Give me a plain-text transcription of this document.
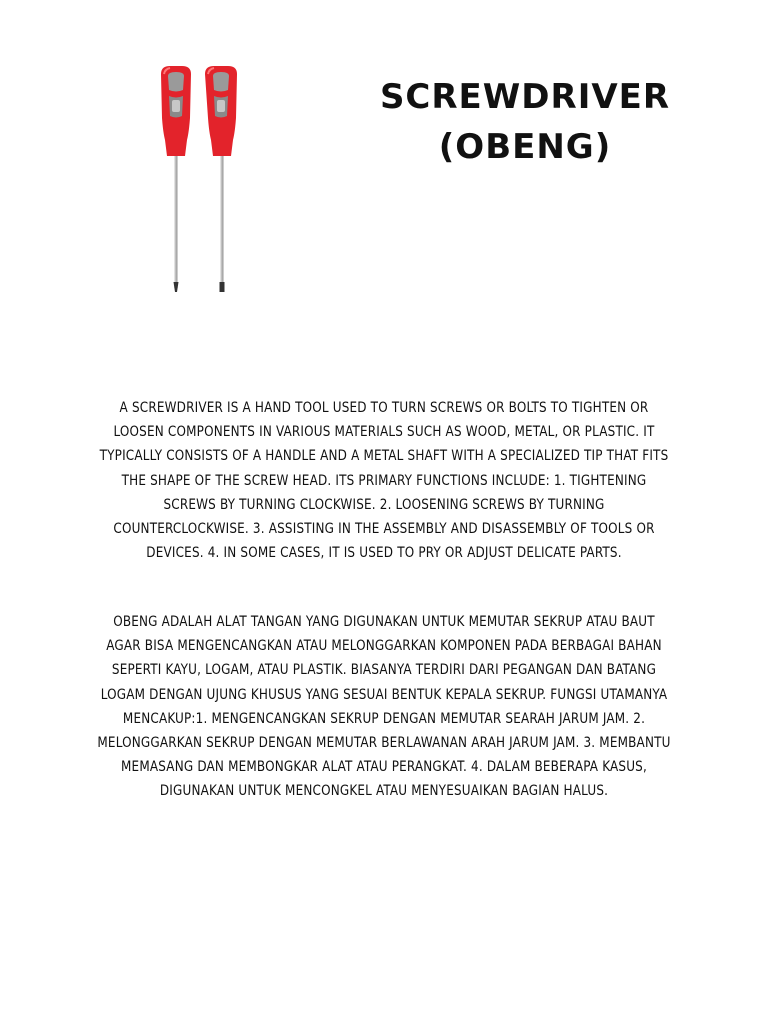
SCREWDRIVER
(OBENG)

A SCREWDRIVER IS A HAND TOOL USED TO TURN SCREWS OR BOLTS TO TIGHTEN OR LOOSEN COMPONENTS IN VARIOUS MATERIALS SUCH AS WOOD, METAL, OR PLASTIC. IT TYPICALLY CONSISTS OF A HANDLE AND A METAL SHAFT WITH A SPECIALIZED TIP THAT FITS THE SHAPE OF THE SCREW HEAD. ITS PRIMARY FUNCTIONS INCLUDE: 1. TIGHTENING SCREWS BY TURNING CLOCKWISE. 2. LOOSENING SCREWS BY TURNING COUNTERCLOCKWISE. 3. ASSISTING IN THE ASSEMBLY AND DISASSEMBLY OF TOOLS OR DEVICES. 4. IN SOME CASES, IT IS USED TO PRY OR ADJUST DELICATE PARTS.

OBENG ADALAH ALAT TANGAN YANG DIGUNAKAN UNTUK MEMUTAR SEKRUP ATAU BAUT AGAR BISA MENGENCANGKAN ATAU MELONGGARKAN KOMPONEN PADA BERBAGAI BAHAN SEPERTI KAYU, LOGAM, ATAU PLASTIK. BIASANYA TERDIRI DARI PEGANGAN DAN BATANG LOGAM DENGAN UJUNG KHUSUS YANG SESUAI BENTUK KEPALA SEKRUP. FUNGSI UTAMANYA MENCAKUP:1. MENGENCANGKAN SEKRUP DENGAN MEMUTAR SEARAH JARUM JAM. 2. MELONGGARKAN SEKRUP DENGAN MEMUTAR BERLAWANAN ARAH JARUM JAM. 3. MEMBANTU MEMASANG DAN MEMBONGKAR ALAT ATAU PERANGKAT. 4. DALAM BEBERAPA KASUS, DIGUNAKAN UNTUK MENCONGKEL ATAU MENYESUAIKAN BAGIAN HALUS.
